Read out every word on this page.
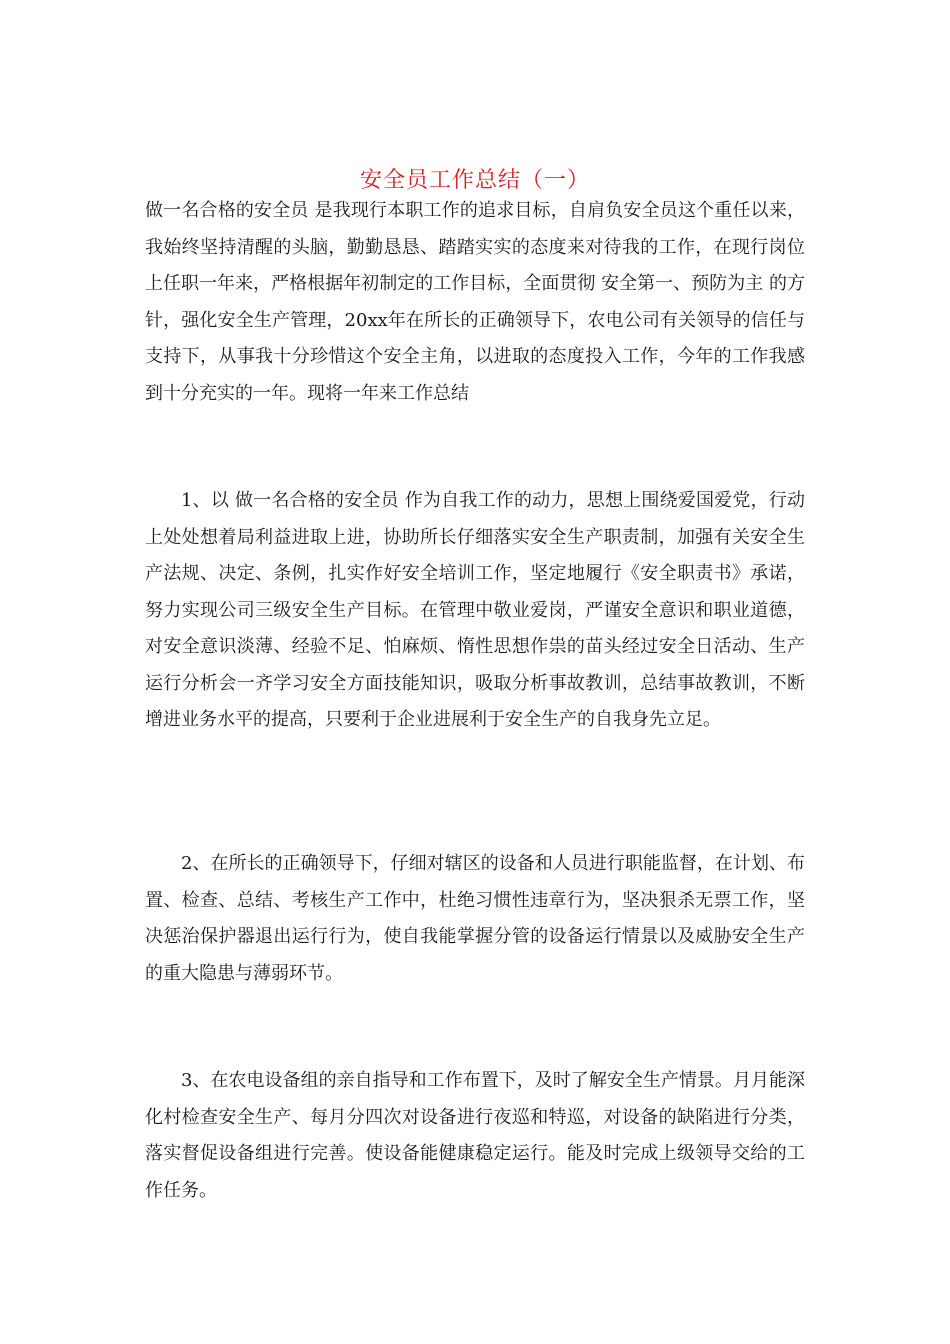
安全员工作总结（一）

做一名合格的安全员 是我现行本职工作的追求目标，自肩负安全员这个重任以来，我始终坚持清醒的头脑，勤勤恳恳、踏踏实实的态度来对待我的工作，在现行岗位上任职一年来，严格根据年初制定的工作目标，全面贯彻 安全第一、预防为主 的方针，强化安全生产管理，20xx年在所长的正确领导下，农电公司有关领导的信任与支持下，从事我十分珍惜这个安全主角，以进取的态度投入工作，今年的工作我感到十分充实的一年。现将一年来工作总结

1、以 做一名合格的安全员 作为自我工作的动力，思想上围绕爱国爱党，行动上处处想着局利益进取上进，协助所长仔细落实安全生产职责制，加强有关安全生产法规、决定、条例，扎实作好安全培训工作，坚定地履行《安全职责书》承诺，努力实现公司三级安全生产目标。在管理中敬业爱岗，严谨安全意识和职业道德，对安全意识淡薄、经验不足、怕麻烦、惰性思想作祟的苗头经过安全日活动、生产运行分析会一齐学习安全方面技能知识，吸取分析事故教训，总结事故教训，不断增进业务水平的提高，只要利于企业进展利于安全生产的自我身先立足。

2、在所长的正确领导下，仔细对辖区的设备和人员进行职能监督，在计划、布置、检查、总结、考核生产工作中，杜绝习惯性违章行为，坚决狠杀无票工作，坚决惩治保护器退出运行行为，使自我能掌握分管的设备运行情景以及威胁安全生产的重大隐患与薄弱环节。

3、在农电设备组的亲自指导和工作布置下，及时了解安全生产情景。月月能深化村检查安全生产、每月分四次对设备进行夜巡和特巡，对设备的缺陷进行分类，落实督促设备组进行完善。使设备能健康稳定运行。能及时完成上级领导交给的工作任务。
